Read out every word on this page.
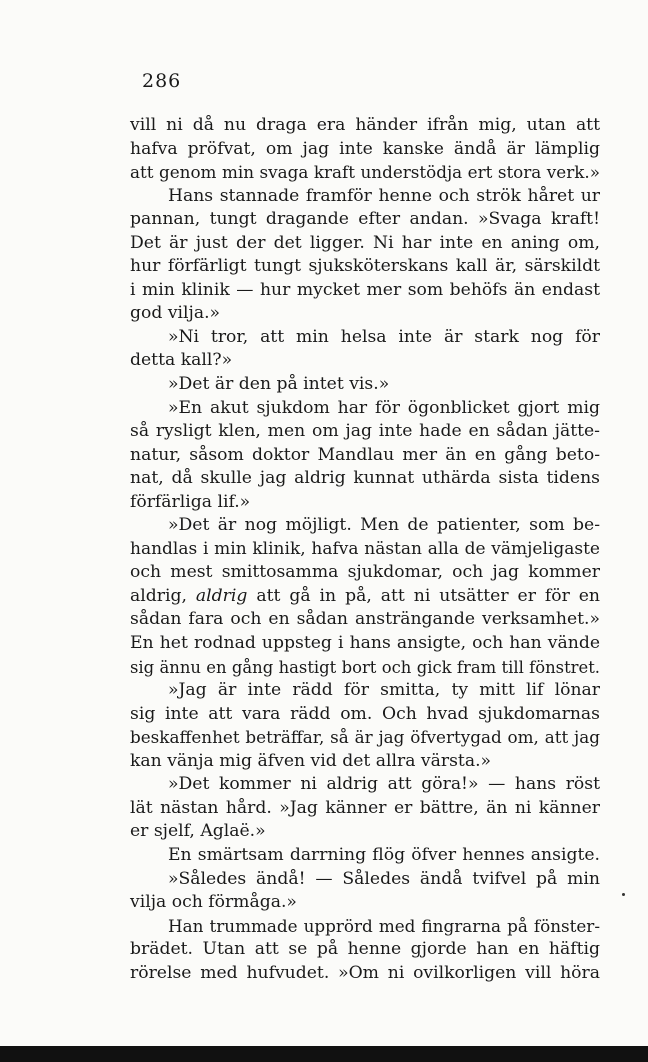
286
vill ni då nu draga era händer ifrån mig, utan att
hafva pröfvat, om jag inte kanske ändå är lämplig
att genom min svaga kraft understödja ert stora verk.»
Hans stannade framför henne och strök håret ur
pannan, tungt dragande efter andan. »Svaga kraft!
Det är just der det ligger. Ni har inte en aning om,
hur förfärligt tungt sjuksköterskans kall är, särskildt
i min klinik — hur mycket mer som behöfs än endast
god vilja.»
»Ni tror, att min helsa inte är stark nog för
detta kall?»
»Det är den på intet vis.»
»En akut sjukdom har för ögonblicket gjort mig
så rysligt klen, men om jag inte hade en sådan jätte-
natur, såsom doktor Mandlau mer än en gång beto-
nat, då skulle jag aldrig kunnat uthärda sista tidens
förfärliga lif.»
»Det är nog möjligt. Men de patienter, som be-
handlas i min klinik, hafva nästan alla de vämjeligaste
och mest smittosamma sjukdomar, och jag kommer
aldrig, aldrig att gå in på, att ni utsätter er för en
sådan fara och en sådan ansträngande verksamhet.»
En het rodnad uppsteg i hans ansigte, och han vände
sig ännu en gång hastigt bort och gick fram till fönstret.
»Jag är inte rädd för smitta, ty mitt lif lönar
sig inte att vara rädd om. Och hvad sjukdomarnas
beskaffenhet beträffar, så är jag öfvertygad om, att jag
kan vänja mig äfven vid det allra värsta.»
»Det kommer ni aldrig att göra!» — hans röst
lät nästan hård. »Jag känner er bättre, än ni känner
er sjelf, Aglaë.»
En smärtsam darrning flög öfver hennes ansigte.
»Således ändå! — Således ändå tvifvel på min
vilja och förmåga.»
Han trummade upprörd med fingrarna på fönster-
brädet. Utan att se på henne gjorde han en häftig
rörelse med hufvudet. »Om ni ovilkorligen vill höra
